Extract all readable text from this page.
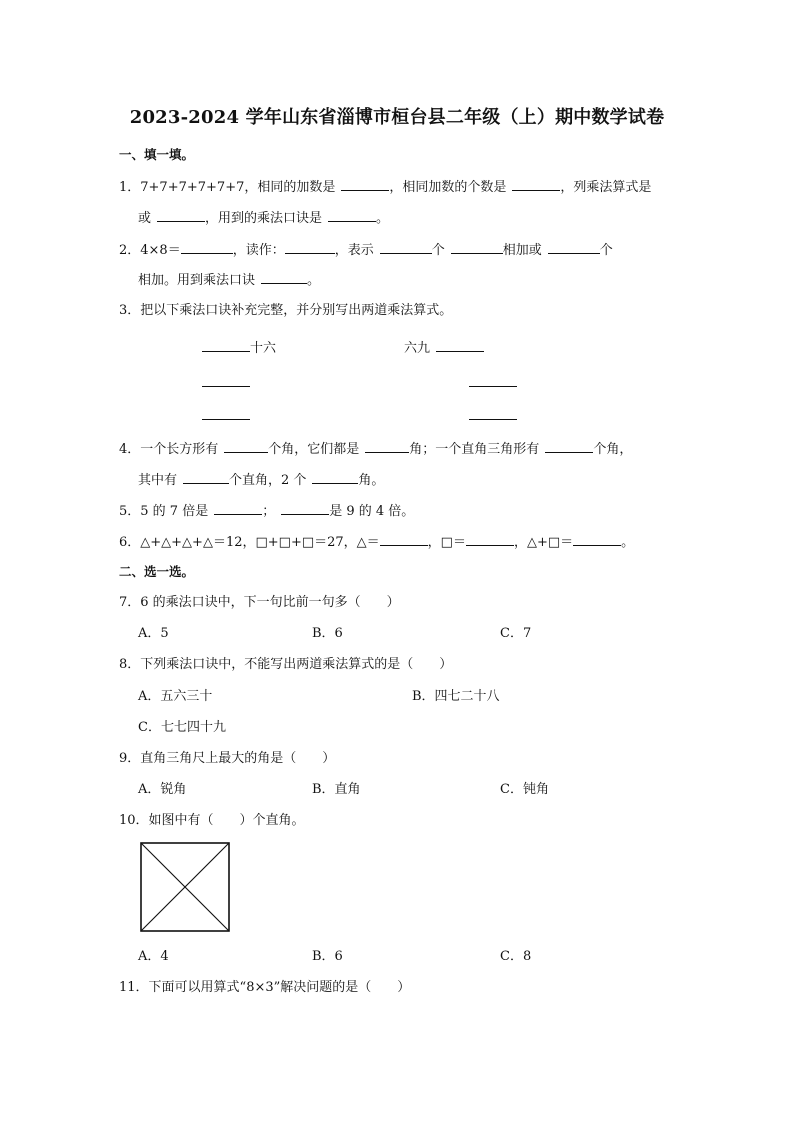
2023-2024 学年山东省淄博市桓台县二年级（上）期中数学试卷
一、填一填。
1．7+7+7+7+7+7，相同的加数是	，相同加数的个数是	，列乘法算式是
或	，用到的乘法口诀是	。
2．4×8＝	，读作：	，表示	个	相加或	个
相加。用到乘法口诀	。
3．把以下乘法口诀补充完整，并分别写出两道乘法算式。
十六	六九
4．一个长方形有	个角，它们都是	角；一个直角三角形有	个角，
其中有	个直角，2 个	角。
5．5 的 7 倍是	；	是 9 的 4 倍。
6．△+△+△+△＝12，□+□+□＝27，△＝	，□＝	，△+□＝	。
二、选一选。
7．6 的乘法口诀中，下一句比前一句多（　　）
A．5	B．6	C．7
8．下列乘法口诀中，不能写出两道乘法算式的是（　　）
A．五六三十	B．四七二十八
C．七七四十九
9．直角三角尺上最大的角是（　　）
A．锐角	B．直角	C．钝角
10．如图中有（　　）个直角。
A．4	B．6	C．8
11．下面可以用算式“8×3”解决问题的是（　　）
